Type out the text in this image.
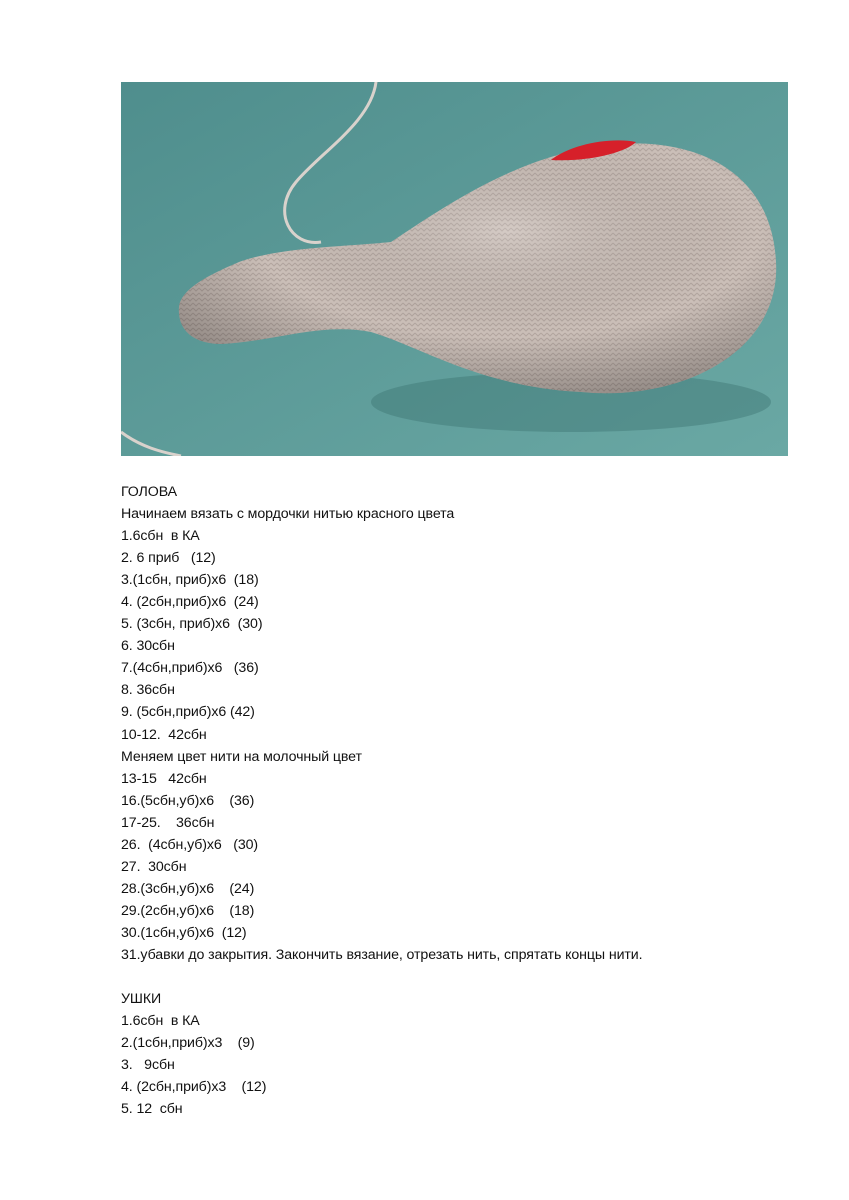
ГОЛОВА
Начинаем вязать с мордочки нитью красного цвета
1.6сбн  в КА
2. 6 приб   (12)
3.(1сбн, приб)х6  (18)
4. (2сбн,приб)х6  (24)
5. (3сбн, приб)х6  (30)
6. 30сбн
7.(4сбн,приб)х6   (36)
8. 36сбн
9. (5сбн,приб)х6 (42)
10-12.  42сбн
Меняем цвет нити на молочный цвет
13-15   42сбн
16.(5сбн,уб)х6    (36)
17-25.    36сбн
26.  (4сбн,уб)х6   (30)
27.  30сбн
28.(3сбн,уб)х6    (24)
29.(2сбн,уб)х6    (18)
30.(1сбн,уб)х6  (12)
31.убавки до закрытия. Закончить вязание, отрезать нить, спрятать концы нити.
УШКИ
1.6сбн  в КА
2.(1сбн,приб)х3    (9)
3.   9сбн
4. (2сбн,приб)х3    (12)
5. 12  сбн
